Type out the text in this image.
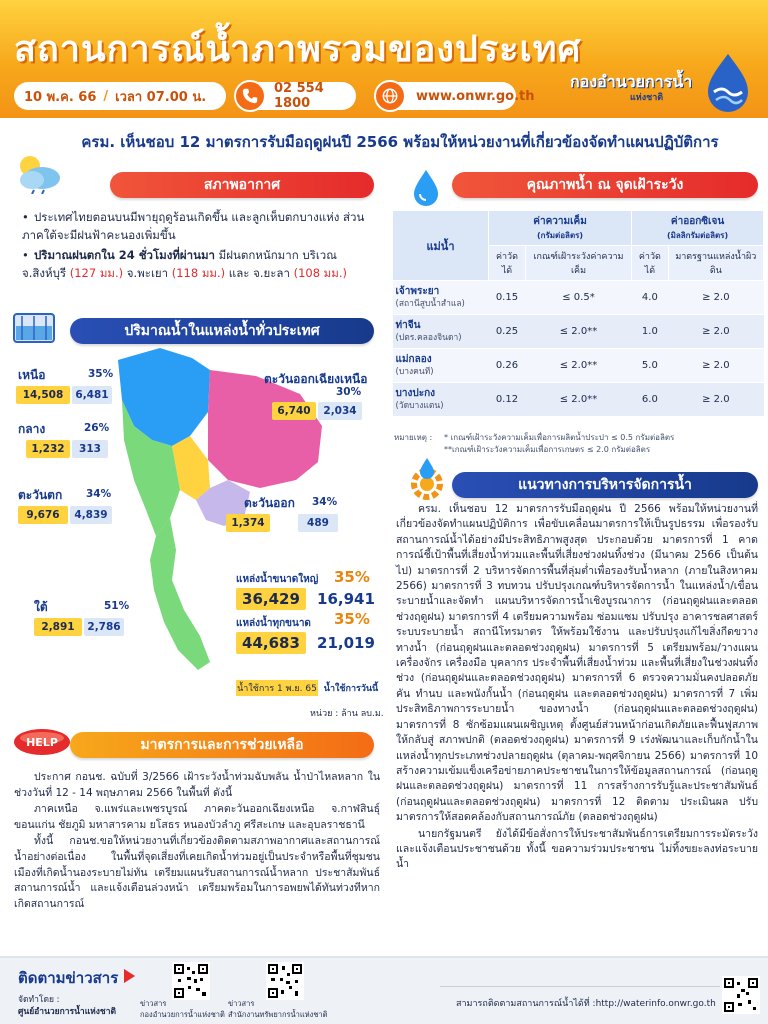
สถานการณ์น้ำภาพรวมของประเทศ
10 พ.ค. 66 / เวลา 07.00 น.
02 554 1800	www.onwr.go.th
กองอำนวยการน้ำ
แห่งชาติ
ครม. เห็นชอบ 12 มาตรการรับมือฤดูฝนปี 2566 พร้อมให้หน่วยงานที่เกี่ยวข้องจัดทำแผนปฏิบัติการ
สภาพอากาศ

• ประเทศไทยตอนบนมีพายุฤดูร้อนเกิดขึ้น และลูกเห็บตกบางแห่ง ส่วนภาคใต้จะมีฝนฟ้าคะนองเพิ่มขึ้น

• ปริมาณฝนตกใน 24 ชั่วโมงที่ผ่านมา มีฝนตกหนักมาก บริเวณ จ.สิงห์บุรี (127 มม.) จ.พะเยา (118 มม.) และ จ.ยะลา (108 มม.)

ปริมาณน้ำในแหล่งน้ำทั่วประเทศ
เหนือ	35%
14,508	6,481
ตะวันออกเฉียงเหนือ
30%
6,740	2,034
กลาง	26%
1,232	313
ตะวันตก 34%
9,676	4,839
ตะวันออก 34%
1,374	489
ใต้	51%
2,891	2,786
แหล่งน้ำขนาดใหญ่ 35%
36,429	16,941
แหล่งน้ำทุกขนาด 35%
44,683	21,019
น้ำใช้การ 1 พ.ย. 65 น้ำใช้การวันนี้
หน่วย : ล้าน ลบ.ม.
คุณภาพน้ำ ณ จุดเฝ้าระวัง
แม่น้ำ	ค่าความเค็ม
(กรัมต่อลิตร)		ค่าออกซิเจน
(มิลลิกรัมต่อลิตร)	
	ค่าวัดได้	เกณฑ์เฝ้าระวังค่าความเค็ม	ค่าวัดได้	มาตรฐานแหล่งน้ำผิวดิน
เจ้าพระยา
(สถานีสูบน้ำสำแล)	0.15	≤ 0.5*	4.0	≥ 2.0
ท่าจีน
(ปตร.คลองจินดา)	0.25	≤ 2.0**	1.0	≥ 2.0
แม่กลอง
(บางคนที)	0.26	≤ 2.0**	5.0	≥ 2.0
บางปะกง
(วัดบางแตน)	0.12	≤ 2.0**	6.0	≥ 2.0
หมายเหตุ : * เกณฑ์เฝ้าระวังความเค็มเพื่อการผลิตน้ำประปา ≤ 0.5 กรัมต่อลิตร
**เกณฑ์เฝ้าระวังความเค็มเพื่อการเกษตร ≤ 2.0 กรัมต่อลิตร
แนวทางการบริหารจัดการน้ำ

ครม. เห็นชอบ 12 มาตรการรับมือฤดูฝน ปี 2566 พร้อมให้หน่วยงานที่เกี่ยวข้องจัดทำแผนปฏิบัติการ เพื่อขับเคลื่อนมาตรการให้เป็นรูปธรรม เพื่อรองรับสถานการณ์น้ำได้อย่างมีประสิทธิภาพสูงสุด ประกอบด้วย มาตรการที่ 1 คาดการณ์ชี้เป้าพื้นที่เสี่ยงน้ำท่วมและพื้นที่เสี่ยงช่วงฝนทิ้งช่วง (มีนาคม 2566 เป็นต้นไป) มาตรการที่ 2 บริหารจัดการพื้นที่ลุ่มต่ำเพื่อรองรับน้ำหลาก (ภายในสิงหาคม 2566) มาตรการที่ 3 ทบทวน ปรับปรุงเกณฑ์บริหารจัดการน้ำ ในแหล่งน้ำ/เขื่อนระบายน้ำและจัดทำ แผนบริหารจัดการน้ำเชิงบูรณาการ (ก่อนฤดูฝนและตลอดช่วงฤดูฝน) มาตรการที่ 4 เตรียมความพร้อม ซ่อมแซม ปรับปรุง อาคารชลศาสตร์ ระบบระบายน้ำ สถานีโทรมาตร ให้พร้อมใช้งาน และปรับปรุงแก้ไขสิ่งกีดขวางทางน้ำ (ก่อนฤดูฝนและตลอดช่วงฤดูฝน) มาตรการที่ 5 เตรียมพร้อม/วางแผนเครื่องจักร เครื่องมือ บุคลากร ประจำพื้นที่เสี่ยงน้ำท่วม และพื้นที่เสี่ยงในช่วงฝนทิ้งช่วง (ก่อนฤดูฝนและตลอดช่วงฤดูฝน) มาตรการที่ 6 ตรวจความมั่นคงปลอดภัย คัน ทำนบ และพนังกั้นน้ำ (ก่อนฤดูฝน และตลอดช่วงฤดูฝน) มาตรการที่ 7 เพิ่มประสิทธิภาพการระบายน้ำ ของทางน้ำ (ก่อนฤดูฝนและตลอดช่วงฤดูฝน) มาตรการที่ 8 ซักซ้อมแผนเผชิญเหตุ ตั้งศูนย์ส่วนหน้าก่อนเกิดภัยและฟื้นฟูสภาพให้กลับสู่ สภาพปกติ (ตลอดช่วงฤดูฝน) มาตรการที่ 9 เร่งพัฒนาและเก็บกักน้ำในแหล่งน้ำทุกประเภทช่วงปลายฤดูฝน (ตุลาคม-พฤศจิกายน 2566) มาตรการที่ 10 สร้างความเข้มแข็งเครือข่ายภาคประชาชนในการให้ข้อมูลสถานการณ์ (ก่อนฤดูฝนและตลอดช่วงฤดูฝน) มาตรการที่ 11 การสร้างการรับรู้และประชาสัมพันธ์ (ก่อนฤดูฝนและตลอดช่วงฤดูฝน) มาตรการที่ 12 ติดตาม ประเมินผล ปรับมาตรการให้สอดคล้องกับสถานการณ์ภัย (ตลอดช่วงฤดูฝน)

นายกรัฐมนตรี ยังได้มีข้อสั่งการให้ประชาสัมพันธ์การเตรียมการระมัดระวังและแจ้งเตือนประชาชนด้วย ทั้งนี้ ขอความร่วมประชาชน ไม่ทิ้งขยะลงท่อระบายน้ำ

HELP	มาตรการและการช่วยเหลือ

ประกาศ กอนช. ฉบับที่ 3/2566 เฝ้าระวังน้ำท่วมฉับพลัน น้ำป่าไหลหลาก ในช่วงวันที่ 12 - 14 พฤษภาคม 2566 ในพื้นที่ ดังนี้

ภาคเหนือ จ.แพร่และเพชรบูรณ์ ภาคตะวันออกเฉียงเหนือ จ.กาฬสินธุ์ ขอนแก่น ชัยภูมิ มหาสารคาม ยโสธร หนองบัวลำภู ศรีสะเกษ และอุบลราชธานี

ทั้งนี้ กอนช.ขอให้หน่วยงานที่เกี่ยวข้องติดตามสภาพอากาศและสถานการณ์น้ำอย่างต่อเนื่อง ในพื้นที่จุดเสี่ยงที่เคยเกิดน้ำท่วมอยู่เป็นประจำหรือพื้นที่ชุมชนเมืองที่เกิดน้ำนองระบายไม่ทัน เตรียมแผนรับสถานการณ์น้ำหลาก ประชาสัมพันธ์สถานการณ์น้ำ และแจ้งเตือนล่วงหน้า เตรียมพร้อมในการอพยพได้ทันท่วงทีหากเกิดสถานการณ์

ติดตามข่าวสาร
จัดทำโดย :
ศูนย์อำนวยการน้ำแห่งชาติ
ข่าวสาร
กองอำนวยการน้ำแห่งชาติ
ข่าวสาร
สำนักงานทรัพยากรน้ำแห่งชาติ
สามารถติดตามสถานการณ์น้ำได้ที่ :http://waterinfo.onwr.go.th
